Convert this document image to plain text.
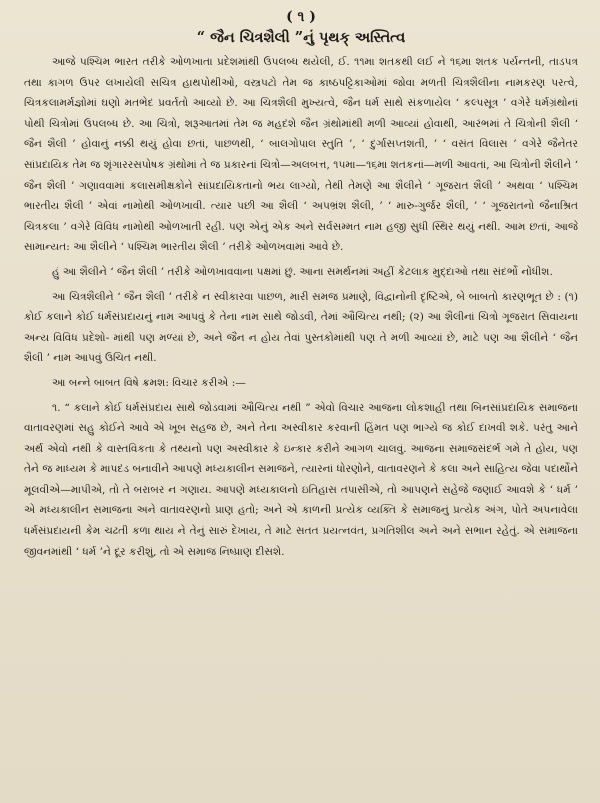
( ૧ )
“ જૈન ચિત્રશૈલી ”નું પૃથક્ અસ્તિત્વ

આજે પશ્ચિમ ભારત તરીકે ઓળખાતા પ્રદેશમાંથી ઉપલબ્ધ થયેલી, ઈ. ૧૧મા શતકથી લઈ ને ૧૬મા શતક પર્યન્તની, તાડપત્ર તથા કાગળ ઉપર લખાયેલી સચિત્ર હાથપોથીઓ, વસ્ત્રપટો તેમ જ કાષ્ઠપટ્ટિકાઓમાં જોવા મળતી ચિત્રશૈલીના નામકરણ પરત્વે, ચિત્રકલામર્મજ્ઞોમાં ઘણો મતભેદ પ્રવર્તતો આવ્યો છે. આ ચિત્રશૈલી મુખ્યત્વે, જૈન ધર્મ સાથે સંકળાયેલ ‘ કલ્પસૂત્ર ’ વગેરે ધર્મગ્રંથોનાં પોથી ચિત્રોમાં ઉપલબ્ધ છે. આ ચિત્રો, શરૂઆતમાં તેમ જ મહદંશે જૈન ગ્રંથોમાંથી મળી આવ્યાં હોવાથી, આરંભમાં તે ચિત્રોની શૈલી ‘ જૈન શૈલી ’ હોવાનું નક્કી થયું હોવા છતાં, પાછળથી, ‘ બાલગોપાલ સ્તુતિ ’, ‘ દુર્ગાસપ્તશતી, ’ ‘ વસંત વિલાસ ’ વગેરે જૈનેતર સાંપ્રદાયિક તેમ જ શૃંગારરસપોષક ગ્રંથોમાં તે જ પ્રકારનાં ચિત્રો—અલબત્ત, ૧૫મા—૧૬મા શતકનાં—મળી આવતાં, આ ચિત્રોની શૈલીને ‘ જૈન શૈલી ’ ગણાવવામાં કલાસમીક્ષકોને સાંપ્રદાયિકતાનો ભય લાગ્યો, તેથી તેમણે આ શૈલીને ‘ ગૂજરાત શૈલી ’ અથવા ‘ પશ્ચિમ ભારતીય શૈલી ’ એવાં નામોથી ઓળખાવી. ત્યાર પછી આ શૈલી ‘ અપભ્રંશ શૈલી, ’ ‘ મારુ-ગુર્જર શૈલી, ’ ‘ ગૂજરાતનો જૈનાશ્રિત ચિત્રકલા ’ વગેરે વિવિધ નામોથી ઓળખાતી રહી. પણ એનું એક અને સર્વસમ્મત નામ હજી સુધી સ્થિર થયું નથી. આમ છતાં, આજે સામાન્યત: આ શૈલીને ‘ પશ્ચિમ ભારતીય શૈલી ’ તરીકે ઓળખવામાં આવે છે.

હું આ શૈલીને ‘ જૈન શૈલી ’ તરીકે ઓળખાવવાના પક્ષમાં છું. આના સમર્થનમાં અહીં કેટલાક મુદ્દાઓ તથા સંદર્ભો નોંધીશ.

આ ચિત્રશૈલીને ‘ જૈન શૈલી ’ તરીકે ન સ્વીકારવા પાછળ, મારી સમજ પ્રમાણે, વિદ્વાનોની દૃષ્ટિએ, બે બાબતો કારણભૂત છે : (૧) કોઈ કલાને કોઈ ધર્મસંપ્રદાયનું નામ આપવું કે તેના નામ સાથે જોડવી, તેમાં ઔચિત્ય નથી; (૨) આ શૈલીનાં ચિત્રો ગૂજરાત સિવાયના અન્ય વિવિધ પ્રદેશો- માંથી પણ મળ્યાં છે, અને જૈન ન હોય તેવાં પુસ્તકોમાંથી પણ તે મળી આવ્યાં છે, માટે પણ આ શૈલીને ‘ જૈન શૈલી ’ નામ આપવું ઉચિત નથી.

આ બન્ને બાબત વિષે ક્રમશ: વિચાર કરીએ :—

૧. “ કલાને કોઈ ધર્મસંપ્રદાય સાથે જોડવામાં ઔચિત્ય નથી ” એવો વિચાર આજના લોકશાહી તથા બિનસાંપ્રદાયિક સમાજના વાતાવરણમાં સહુ કોઈને આવે એ ખૂબ સહજ છે, અને તેના અસ્વીકાર કરવાની હિંમત પણ ભાગ્યે જ કોઈ દાખવી શકે. પરંતુ આને અર્થ એવો નથી કે વાસ્તવિકતા કે તથ્યનો પણ અસ્વીકાર કે ઇન્કાર કરીને આગળ ચાલવું. આજના સમાજસંદર્ભ ગમે તે હોય, પણ તેને જ માધ્યમ કે માપદંડ બનાવીને આપણે મધ્યકાલીન સમાજને, ત્યારનાં ધોરણોને, વાતાવરણને કે કલા અને સાહિત્ય જેવા પદાર્થોને મૂલવીએ—માપીએ, તો તે બરાબર ન ગણાય. આપણે મધ્યકાલનો ઇતિહાસ તપાસીએ, તો આપણને સહેજે જણાઈ આવશે કે ‘ ધર્મ ’ એ મધ્યકાલીન સમાજના અને વાતાવરણનો પ્રાણ હતો; અને એ કાળની પ્રત્યેક વ્યક્તિ કે સમાજનું પ્રત્યેક અંગ, પોતે અપનાવેલા ધર્મસંપ્રદાયની કેમ ચઢતી કળા થાય ને તેનું સારું દેખાય, તે માટે સતત પ્રયત્નવંત, પ્રગતિશીલ અને અને સભાન રહેતું. એ સમાજના જીવનમાંથી ‘ ધર્મ ’ને દૂર કરીશું, તો એ સમાજ નિષ્પ્રાણ દીસશે.
